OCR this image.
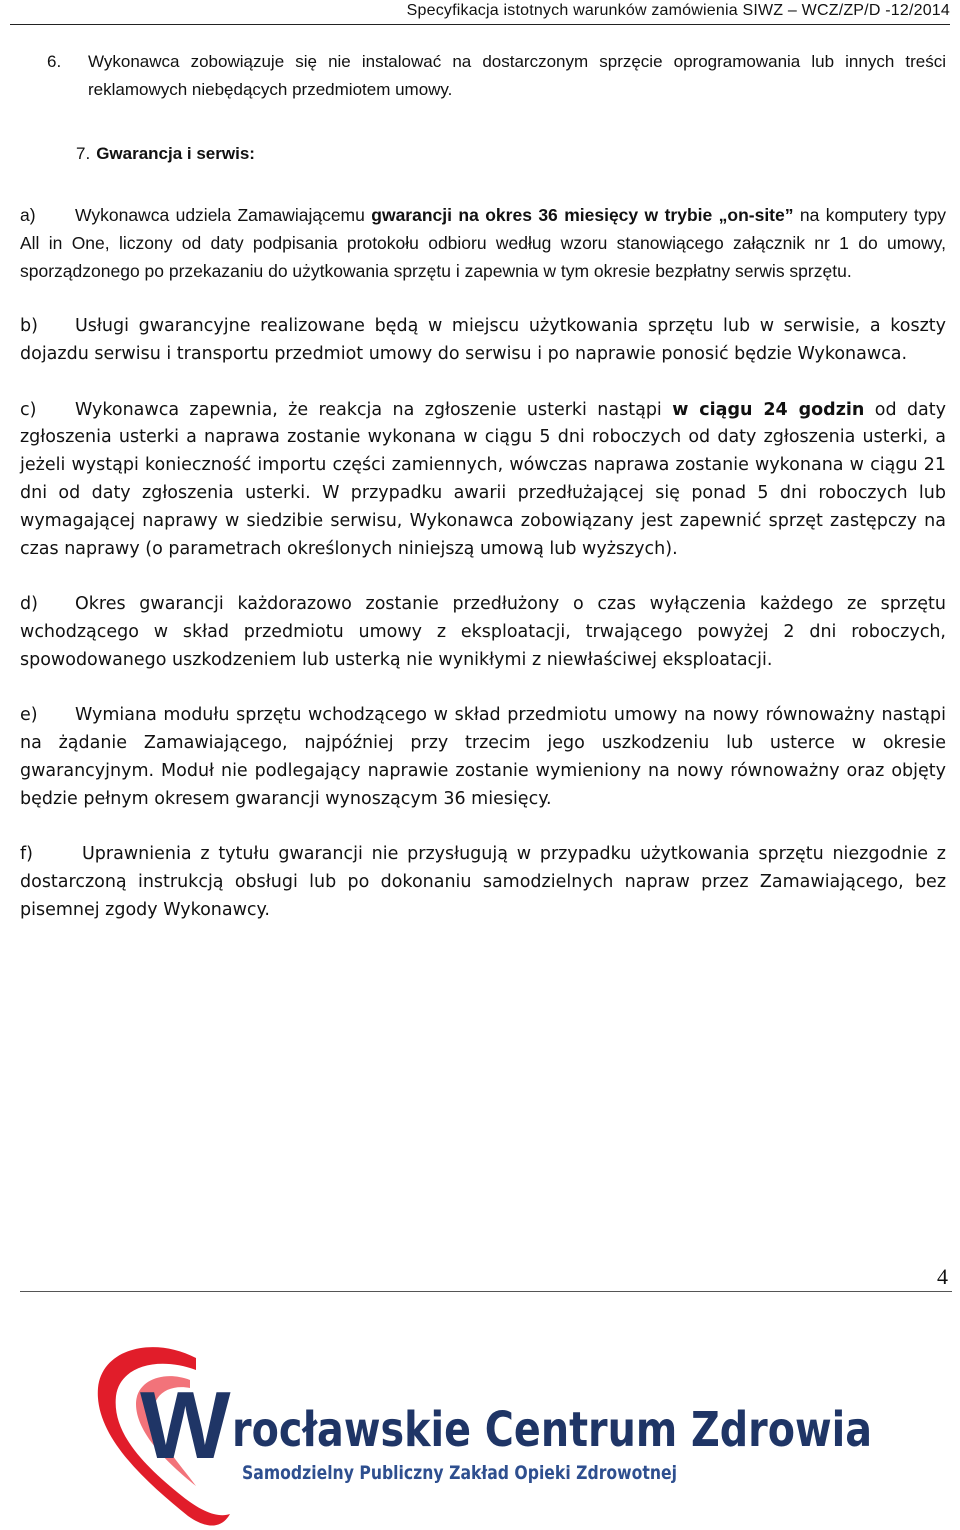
Specyfikacja istotnych warunków zamówienia SIWZ – WCZ/ZP/D -12/2014
6. Wykonawca zobowiązuje się nie instalować na dostarczonym sprzęcie oprogramowania lub innych treści reklamowych niebędących przedmiotem umowy.

7. Gwarancja i serwis:

a) Wykonawca udziela Zamawiającemu gwarancji na okres 36 miesięcy w trybie „on-site” na komputery typy All in One, liczony od daty podpisania protokołu odbioru według wzoru stanowiącego załącznik nr 1 do umowy, sporządzonego po przekazaniu do użytkowania sprzętu i zapewnia w tym okresie bezpłatny serwis sprzętu.

b) Usługi gwarancyjne realizowane będą w miejscu użytkowania sprzętu lub w serwisie, a koszty dojazdu serwisu i transportu przedmiot umowy do serwisu i po naprawie ponosić będzie Wykonawca.

c) Wykonawca zapewnia, że reakcja na zgłoszenie usterki nastąpi w ciągu 24 godzin od daty zgłoszenia usterki a naprawa zostanie wykonana w ciągu 5 dni roboczych od daty zgłoszenia usterki, a jeżeli wystąpi konieczność importu części zamiennych, wówczas naprawa zostanie wykonana w ciągu 21 dni od daty zgłoszenia usterki. W przypadku awarii przedłużającej się ponad 5 dni roboczych lub wymagającej naprawy w siedzibie serwisu, Wykonawca zobowiązany jest zapewnić sprzęt zastępczy na czas naprawy (o parametrach określonych niniejszą umową lub wyższych).

d) Okres gwarancji każdorazowo zostanie przedłużony o czas wyłączenia każdego ze sprzętu wchodzącego w skład przedmiotu umowy z eksploatacji, trwającego powyżej 2 dni roboczych, spowodowanego uszkodzeniem lub usterką nie wynikłymi z niewłaściwej eksploatacji.

e) Wymiana modułu sprzętu wchodzącego w skład przedmiotu umowy na nowy równoważny nastąpi na żądanie Zamawiającego, najpóźniej przy trzecim jego uszkodzeniu lub usterce w okresie gwarancyjnym. Moduł nie podlegający naprawie zostanie wymieniony na nowy równoważny oraz objęty będzie pełnym okresem gwarancji wynoszącym 36 miesięcy.

f)	Uprawnienia z tytułu gwarancji nie przysługują w przypadku użytkowania sprzętu niezgodnie z dostarczoną instrukcją obsługi lub po dokonaniu samodzielnych napraw przez Zamawiającego, bez pisemnej zgody Wykonawcy.

4
W rocławskie Centrum Zdrowia
Samodzielny Publiczny Zakład Opieki Zdrowotnej
